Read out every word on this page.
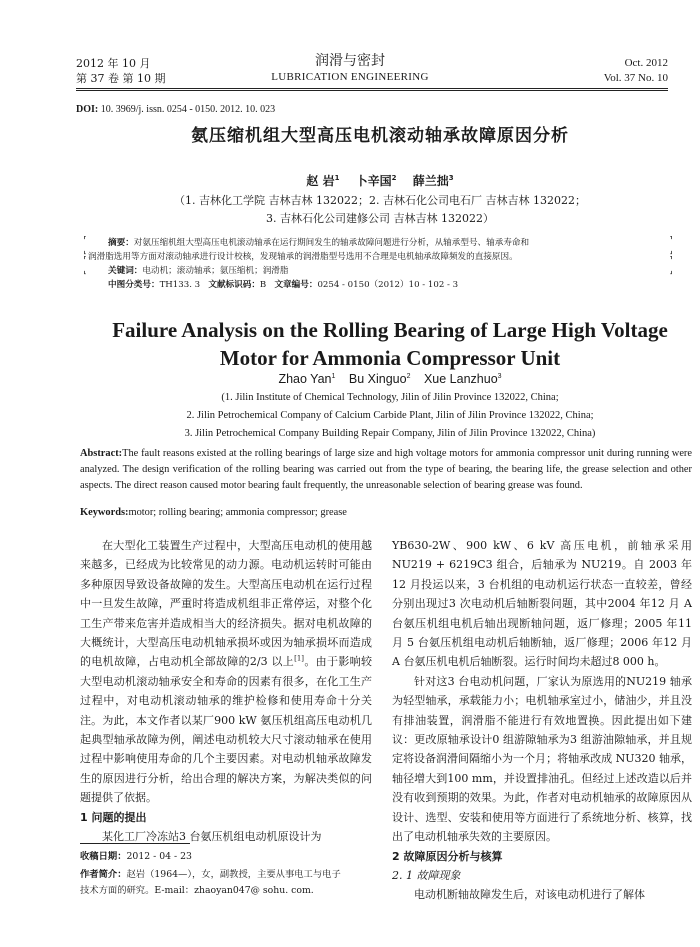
2012 年 10 月
第 37 卷 第 10 期
润滑与密封
LUBRICATION ENGINEERING
Oct. 2012
Vol. 37 No. 10
DOI: 10. 3969/j. issn. 0254 - 0150. 2012. 10. 023
氨压缩机组大型高压电机滚动轴承故障原因分析
赵 岩$^1$ 卜辛国$^2$ 薛兰拙$^3$
（1. 吉林化工学院 吉林吉林 132022；2. 吉林石化公司电石厂 吉林吉林 132022；
3. 吉林石化公司建修公司 吉林吉林 132022）
⸢
⸤
⸢
⸤
⸣
⸥
⸣
⸥
摘要：对氨压缩机组大型高压电机滚动轴承在运行期间发生的轴承故障问题进行分析，从轴承型号、轴承寿命和
润滑脂选用等方面对滚动轴承进行设计校核，发现轴承的润滑脂型号选用不合理是电机轴承故障频发的直接原因。
关键词：电动机；滚动轴承；氨压缩机；润滑脂
中图分类号：TH133. 3 文献标识码：B 文章编号：0254 - 0150（2012）10 - 102 - 3
Failure Analysis on the Rolling Bearing of Large High Voltage
Motor for Ammonia Compressor Unit
Zhao Yan$^1$ Bu Xinguo$^2$ Xue Lanzhuo$^3$
(1. Jilin Institute of Chemical Technology, Jilin of Jilin Province 132022, China;
2. Jilin Petrochemical Company of Calcium Carbide Plant, Jilin of Jilin Province 132022, China;
3. Jilin Petrochemical Company Building Repair Company, Jilin of Jilin Province 132022, China)
Abstract:The fault reasons existed at the rolling bearings of large size and high voltage motors for ammonia compressor unit during running were analyzed. The design verification of the rolling bearing was carried out from the type of bearing, the bearing life, the grease selection and other aspects. The direct reason caused motor bearing fault frequently, the unreasonable selection of bearing grease was found.
Keywords:motor; rolling bearing; ammonia compressor; grease

在大型化工装置生产过程中，大型高压电动机的使用越来越多，已经成为比较常见的动力源。电动机运转时可能由多种原因导致设备故障的发生。大型高压电动机在运行过程中一旦发生故障，严重时将造成机组非正常停运，对整个化工生产带来危害并造成相当大的经济损失。据对电机故障的大概统计，大型高压电动机轴承损坏或因为轴承损坏而造成的电机故障，占电动机全部故障的2/3 以上[1]。由于影响较大型电动机滚动轴承安全和寿命的因素有很多，在化工生产过程中，对电动机滚动轴承的维护检修和使用寿命十分关注。为此，本文作者以某厂900 kW 氨压机组高压电动机几起典型轴承故障为例，阐述电动机较大尺寸滚动轴承在使用过程中影响使用寿命的几个主要因素。对电动机轴承故障发生的原因进行分析，给出合理的解决方案，为解决类似的问题提供了依据。

1 问题的提出

某化工厂冷冻站3 台氨压机组电动机原设计为

YB630-2W、900 kW、6 kV 高压电机，前轴承采用NU219 + 6219C3 组合，后轴承为 NU219。自 2003 年12 月投运以来，3 台机组的电动机运行状态一直较差，曾经分别出现过3 次电动机后轴断裂问题，其中2004 年12 月 A 台氨压机组电机后轴出现断轴问题，返厂修理；2005 年11 月 5 台氨压机组电动机后轴断轴，返厂修理；2006 年12 月 A 台氨压机电机后轴断裂。运行时间均未超过8 000 h。

针对这3 台电动机问题，厂家认为原选用的NU219 轴承为轻型轴承，承载能力小；电机轴承室过小，储油少，并且没有排油装置，润滑脂不能进行有效地置换。因此提出如下建议：更改原轴承设计0 组游隙轴承为3 组游油隙轴承，并且规定将设备润滑间隔缩小为一个月；将轴承改成 NU320 轴承，轴径增大到100 mm，并设置排油孔。但经过上述改造以后并没有收到预期的效果。为此，作者对电动机轴承的故障原因从设计、选型、安装和使用等方面进行了系统地分析、核算，找出了电动机轴承失效的主要原因。

2 故障原因分析与核算
2. 1 故障现象

电动机断轴故障发生后，对该电动机进行了解体

收稿日期：2012 - 04 - 23
作者简介：赵岩（1964—），女，副教授，主要从事电工与电子
技术方面的研究。E-mail：zhaoyan047@ sohu. com.
